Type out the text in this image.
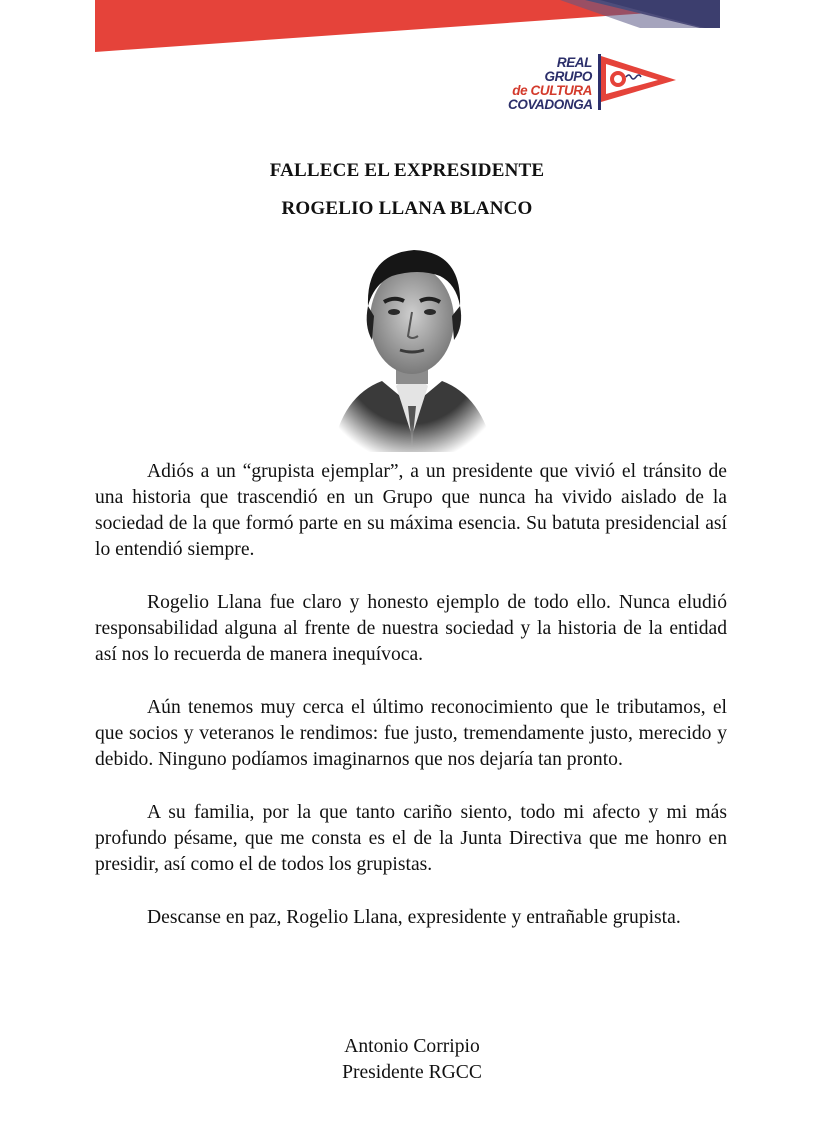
REAL GRUPO
de CULTURA
COVADONGA
FALLECE EL EXPRESIDENTE
ROGELIO LLANA BLANCO

Adiós a un “grupista ejemplar”, a un presidente que vivió el tránsito de una historia que trascendió en un Grupo que nunca ha vivido aislado de la sociedad de la que formó parte en su máxima esencia. Su batuta presidencial así lo entendió siempre.

Rogelio Llana fue claro y honesto ejemplo de todo ello. Nunca eludió responsabilidad alguna al frente de nuestra sociedad y la historia de la entidad así nos lo recuerda de manera inequívoca.

Aún tenemos muy cerca el último reconocimiento que le tributamos, el que socios y veteranos le rendimos: fue justo, tremendamente justo, merecido y debido. Ninguno podíamos imaginarnos que nos dejaría tan pronto.

A su familia, por la que tanto cariño siento, todo mi afecto y mi más profundo pésame, que me consta es el de la Junta Directiva que me honro en presidir, así como el de todos los grupistas.

Descanse en paz, Rogelio Llana, expresidente y entrañable grupista.

Antonio Corripio
Presidente RGCC
